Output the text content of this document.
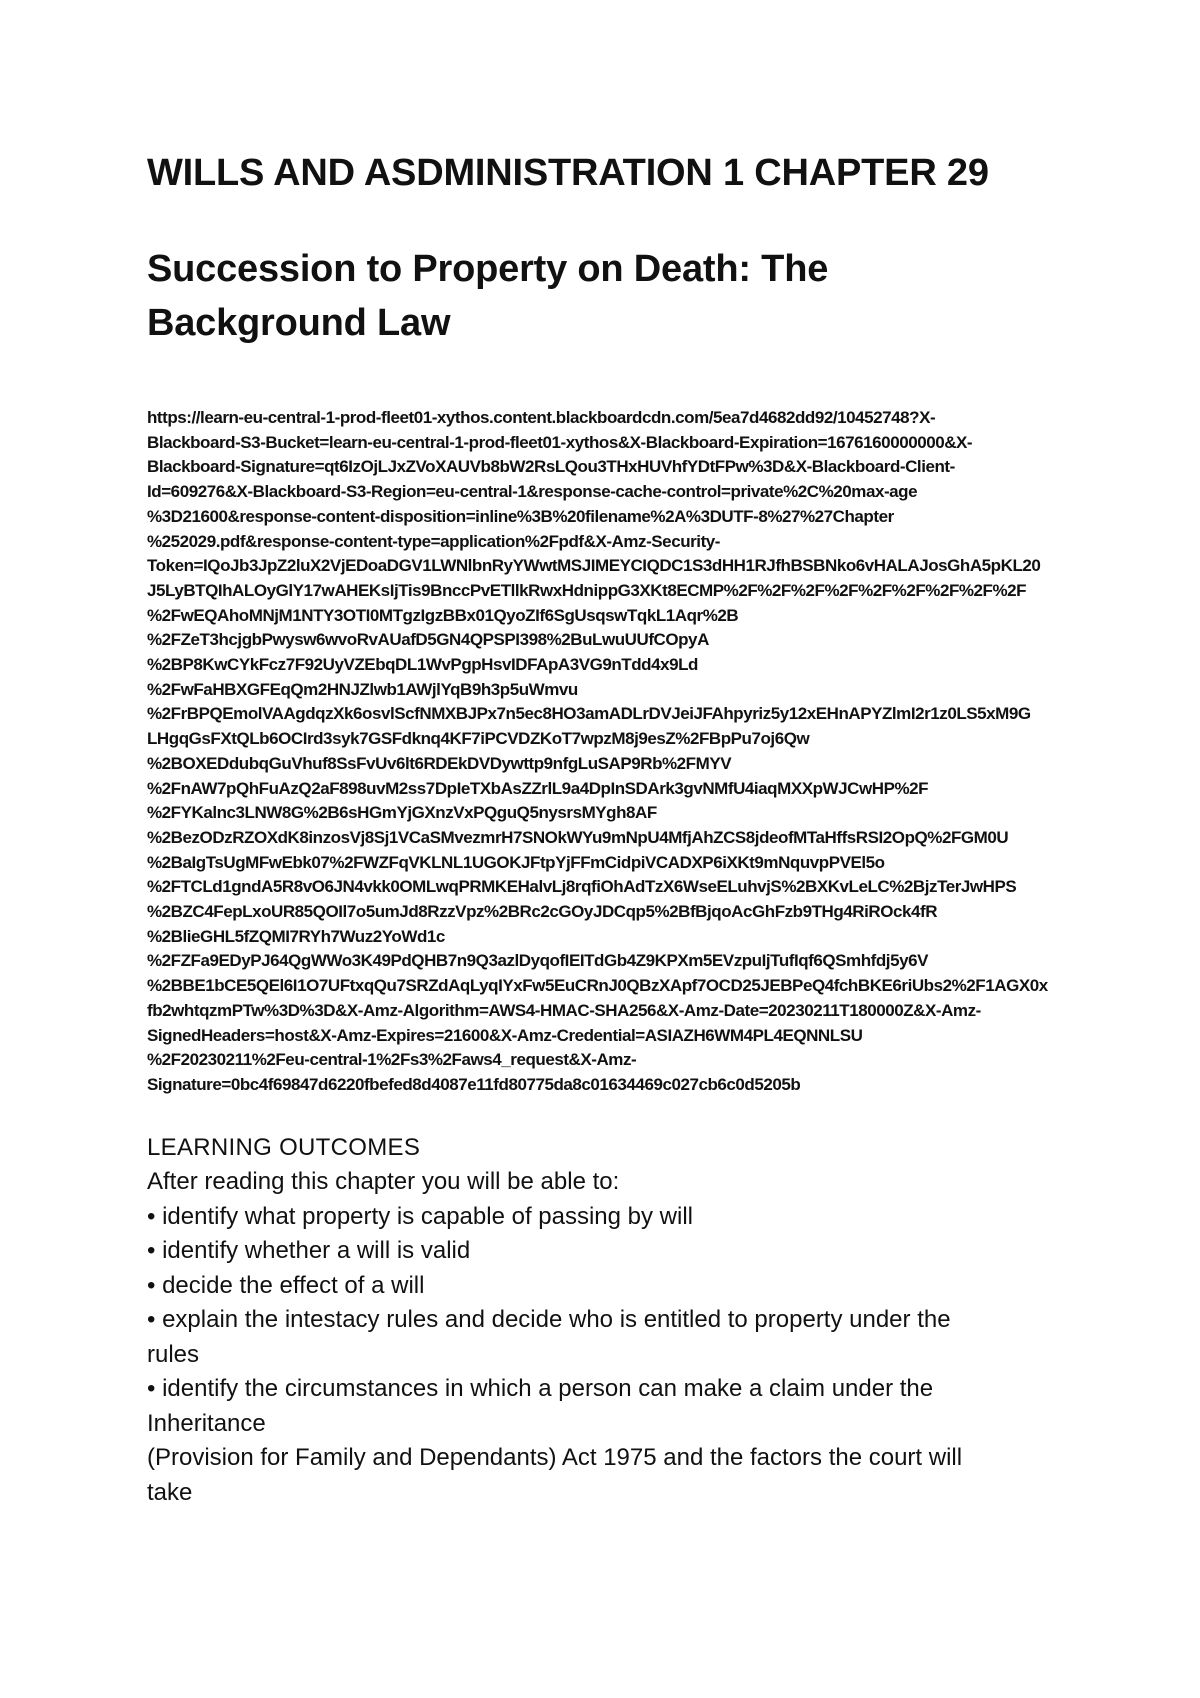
WILLS AND ASDMINISTRATION 1 CHAPTER 29
Succession to Property on Death: The
Background Law
https://learn-eu-central-1-prod-fleet01-xythos.content.blackboardcdn.com/5ea7d4682dd92/10452748?X-
Blackboard-S3-Bucket=learn-eu-central-1-prod-fleet01-xythos&X-Blackboard-Expiration=1676160000000&X-
Blackboard-Signature=qt6IzOjLJxZVoXAUVb8bW2RsLQou3THxHUVhfYDtFPw%3D&X-Blackboard-Client-
Id=609276&X-Blackboard-S3-Region=eu-central-1&response-cache-control=private%2C%20max-age
%3D21600&response-content-disposition=inline%3B%20filename%2A%3DUTF-8%27%27Chapter
%252029.pdf&response-content-type=application%2Fpdf&X-Amz-Security-
Token=IQoJb3JpZ2luX2VjEDoaDGV1LWNlbnRyYWwtMSJIMEYCIQDC1S3dHH1RJfhBSBNko6vHALAJosGhA5pKL20
J5LyBTQIhALOyGlY17wAHEKsIjTis9BnccPvETllkRwxHdnippG3XKt8ECMP%2F%2F%2F%2F%2F%2F%2F%2F%2F
%2FwEQAhoMNjM1NTY3OTI0MTgzIgzBBx01QyoZIf6SgUsqswTqkL1Aqr%2B
%2FZeT3hcjgbPwysw6wvoRvAUafD5GN4QPSPI398%2BuLwuUUfCOpyA
%2BP8KwCYkFcz7F92UyVZEbqDL1WvPgpHsvIDFApA3VG9nTdd4x9Ld
%2FwFaHBXGFEqQm2HNJZlwb1AWjlYqB9h3p5uWmvu
%2FrBPQEmolVAAgdqzXk6osvlScfNMXBJPx7n5ec8HO3amADLrDVJeiJFAhpyriz5y12xEHnAPYZlmI2r1z0LS5xM9G
LHgqGsFXtQLb6OCIrd3syk7GSFdknq4KF7iPCVDZKoT7wpzM8j9esZ%2FBpPu7oj6Qw
%2BOXEDdubqGuVhuf8SsFvUv6lt6RDEkDVDywttp9nfgLuSAP9Rb%2FMYV
%2FnAW7pQhFuAzQ2aF898uvM2ss7DpIeTXbAsZZrlL9a4DpInSDArk3gvNMfU4iaqMXXpWJCwHP%2F
%2FYKalnc3LNW8G%2B6sHGmYjGXnzVxPQguQ5nysrsMYgh8AF
%2BezODzRZOXdK8inzosVj8Sj1VCaSMvezmrH7SNOkWYu9mNpU4MfjAhZCS8jdeofMTaHffsRSI2OpQ%2FGM0U
%2BaIgTsUgMFwEbk07%2FWZFqVKLNL1UGOKJFtpYjFFmCidpiVCADXP6iXKt9mNquvpPVEl5o
%2FTCLd1gndA5R8vO6JN4vkk0OMLwqPRMKEHalvLj8rqfiOhAdTzX6WseELuhvjS%2BXKvLeLC%2BjzTerJwHPS
%2BZC4FepLxoUR85QOIl7o5umJd8RzzVpz%2BRc2cGOyJDCqp5%2BfBjqoAcGhFzb9THg4RiROck4fR
%2BlieGHL5fZQMI7RYh7Wuz2YoWd1c
%2FZFa9EDyPJ64QgWWo3K49PdQHB7n9Q3azlDyqofIEITdGb4Z9KPXm5EVzpuIjTufIqf6QSmhfdj5y6V
%2BBE1bCE5QEl6I1O7UFtxqQu7SRZdAqLyqIYxFw5EuCRnJ0QBzXApf7OCD25JEBPeQ4fchBKE6riUbs2%2F1AGX0x
fb2whtqzmPTw%3D%3D&X-Amz-Algorithm=AWS4-HMAC-SHA256&X-Amz-Date=20230211T180000Z&X-Amz-
SignedHeaders=host&X-Amz-Expires=21600&X-Amz-Credential=ASIAZH6WM4PL4EQNNLSU
%2F20230211%2Feu-central-1%2Fs3%2Faws4_request&X-Amz-
Signature=0bc4f69847d6220fbefed8d4087e11fd80775da8c01634469c027cb6c0d5205b
LEARNING OUTCOMES
After reading this chapter you will be able to:
• identify what property is capable of passing by will
• identify whether a will is valid
• decide the effect of a will
• explain the intestacy rules and decide who is entitled to property under the
rules
• identify the circumstances in which a person can make a claim under the
Inheritance
(Provision for Family and Dependants) Act 1975 and the factors the court will
take
